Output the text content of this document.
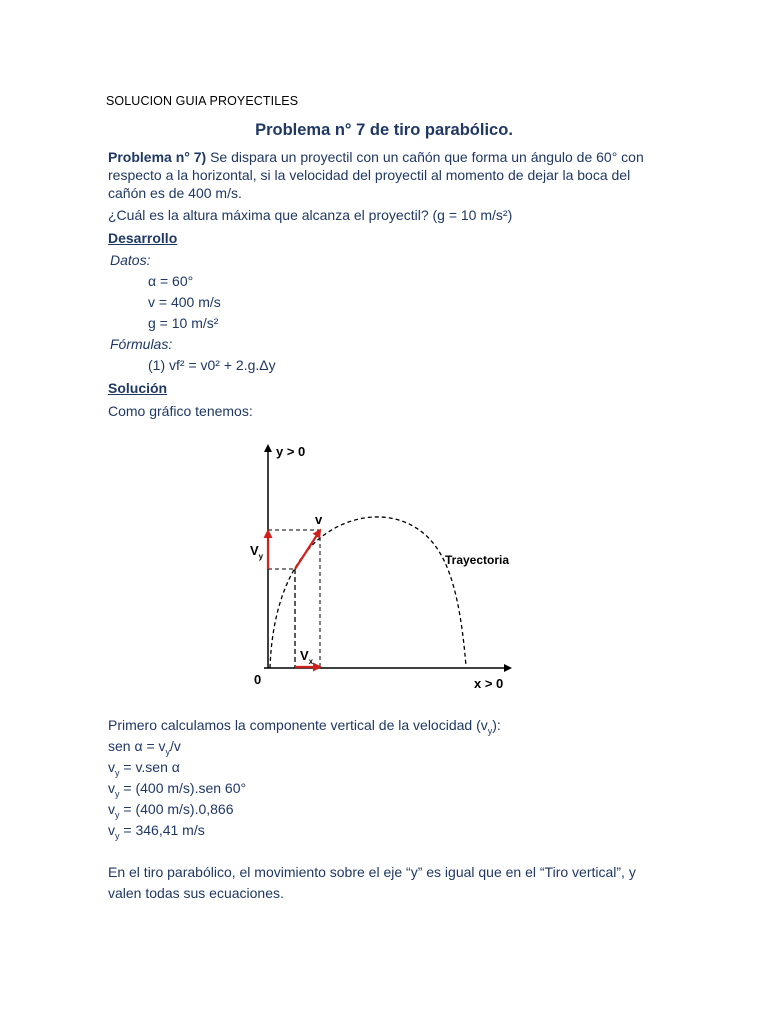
SOLUCION GUIA PROYECTILES
Problema n° 7 de tiro parabólico.
Problema n° 7) Se dispara un proyectil con un cañón que forma un ángulo de 60° con
respecto a la horizontal, si la velocidad del proyectil al momento de dejar la boca del
cañón es de 400 m/s.
¿Cuál es la altura máxima que alcanza el proyectil? (g = 10 m/s²)
Desarrollo
Datos:
α = 60°
v = 400 m/s
g = 10 m/s²
Fórmulas:
(1) vf² = v0² + 2.g.Δy
Solución
Como gráfico tenemos:
y > 0
x > 0
0
v
$V_y$
$V_x$
Trayectoria
Primero calculamos la componente vertical de la velocidad $(v_y)$:
sen $\alpha = v_y/v$
$v_y = v.sen$ α
$v_y = (400$ m/s).sen 60°
$v_y = (400$ m/s).0,866
$v_y = 346,41$ m/s
En el tiro parabólico, el movimiento sobre el eje “y” es igual que en el “Tiro vertical”, y
valen todas sus ecuaciones.
